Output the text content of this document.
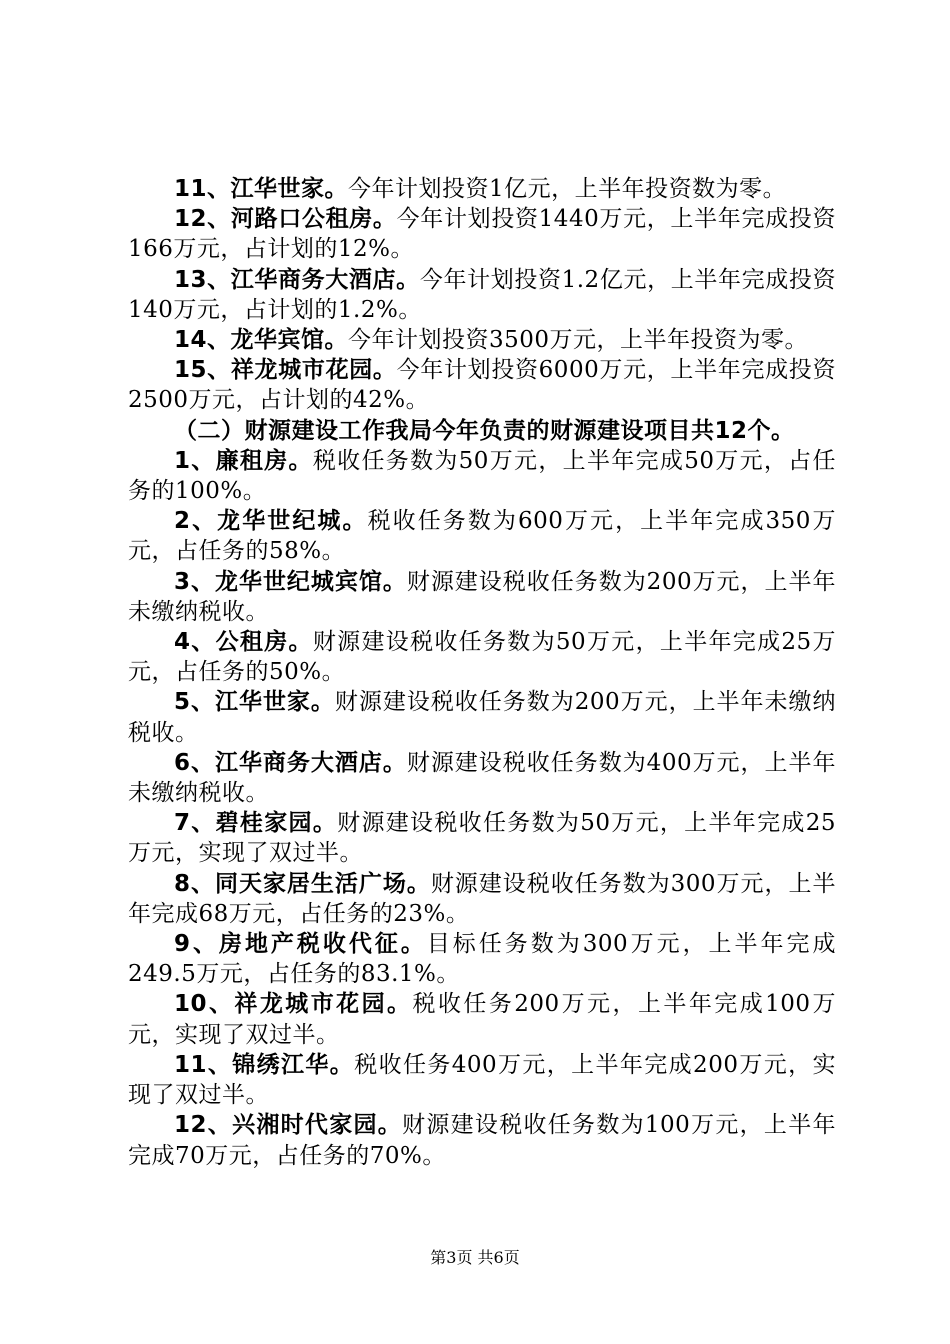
11、江华世家。今年计划投资1亿元，上半年投资数为零。

12、河路口公租房。今年计划投资1440万元，上半年完成投资166万元，占计划的12%。

13、江华商务大酒店。今年计划投资1.2亿元，上半年完成投资140万元，占计划的1.2%。

14、龙华宾馆。今年计划投资3500万元，上半年投资为零。

15、祥龙城市花园。今年计划投资6000万元，上半年完成投资2500万元，占计划的42%。

（二）财源建设工作我局今年负责的财源建设项目共12个。

1、廉租房。税收任务数为50万元，上半年完成50万元，占任务的100%。

2、龙华世纪城。税收任务数为600万元，上半年完成350万元，占任务的58%。

3、龙华世纪城宾馆。财源建设税收任务数为200万元，上半年未缴纳税收。

4、公租房。财源建设税收任务数为50万元，上半年完成25万元，占任务的50%。

5、江华世家。财源建设税收任务数为200万元，上半年未缴纳税收。

6、江华商务大酒店。财源建设税收任务数为400万元，上半年未缴纳税收。

7、碧桂家园。财源建设税收任务数为50万元，上半年完成25万元，实现了双过半。

8、同天家居生活广场。财源建设税收任务数为300万元，上半年完成68万元，占任务的23%。

9、房地产税收代征。目标任务数为300万元，上半年完成249.5万元，占任务的83.1%。

10、祥龙城市花园。税收任务200万元，上半年完成100万元，实现了双过半。

11、锦绣江华。税收任务400万元，上半年完成200万元，实现了双过半。

12、兴湘时代家园。财源建设税收任务数为100万元，上半年完成70万元，占任务的70%。

第3页 共6页
